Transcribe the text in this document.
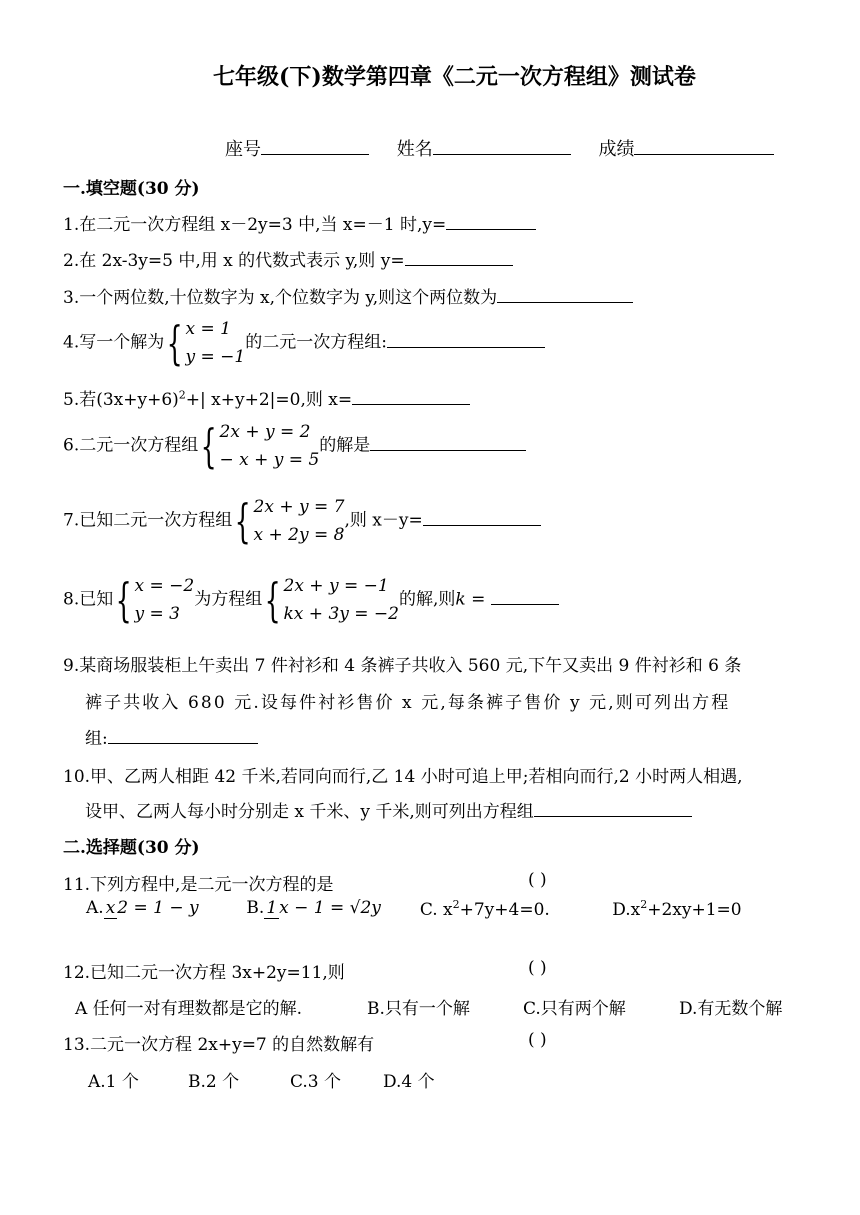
七年级(下)数学第四章《二元一次方程组》测试卷
座号	姓名	成绩
一.填空题(30 分)
1.在二元一次方程组 x－2y=3 中,当 x=－1 时,y=
2.在 2x-3y=5 中,用 x 的代数式表示 y,则 y=
3.一个两位数,十位数字为 x,个位数字为 y,则这个两位数为
4.写一个解为 { x = 1
y = −1
的二元一次方程组:
5.若$(3x+y+6)^2+|$ x+y+2|=0,则 x=
6.二元一次方程组 { 2x + y = 2
− x + y = 5
的解是
7.已知二元一次方程组 { 2x + y = 7
x + 2y = 8
,则 x－y=
8.已知 { x = −2
y = 3
为方程组 { 2x + y = −1
kx + 3y = −2
的解,则k =
9.某商场服装柜上午卖出 7 件衬衫和 4 条裤子共收入 560 元,下午又卖出 9 件衬衫和 6 条
裤子共收入 680 元.设每件衬衫售价 x 元,每条裤子售价 y 元,则可列出方程
组:
10.甲、乙两人相距 42 千米,若同向而行,乙 14 小时可追上甲;若相向而行,2 小时两人相遇,
设甲、乙两人每小时分别走 x 千米、y 千米,则可列出方程组
二.选择题(30 分)
11.下列方程中,是二元一次方程的是	( )
A. x 2 = 1 − y	B. 1 x − 1 = √2y C. $x^2+7y+4=0$.	$D.x^2+2xy+1=0$
12.已知二元一次方程 3x+2y=11,则	( )
A 任何一对有理数都是它的解.	B.只有一个解	C.只有两个解	D.有无数个解
13.二元一次方程 2x+y=7 的自然数解有	( )
A.1 个	B.2 个	C.3 个 D.4 个
